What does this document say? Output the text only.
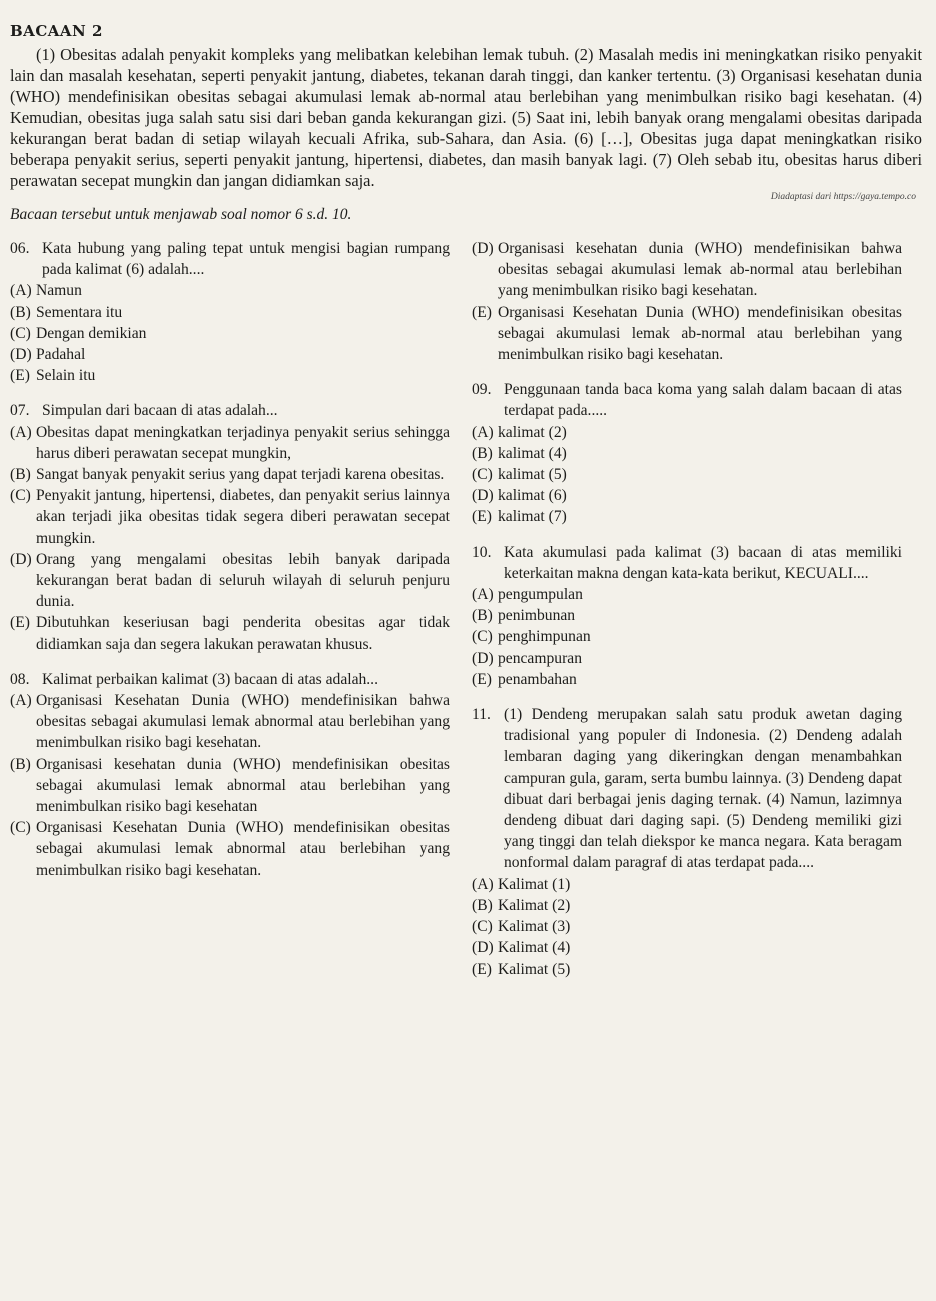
BACAAN 2

(1) Obesitas adalah penyakit kompleks yang melibatkan kelebihan lemak tubuh. (2) Masalah medis ini meningkatkan risiko penyakit lain dan masalah kesehatan, seperti penyakit jantung, diabetes, tekanan darah tinggi, dan kanker tertentu. (3) Organisasi kesehatan dunia (WHO) mendefinisikan obesitas sebagai akumulasi lemak ab-normal atau berlebihan yang menimbulkan risiko bagi kesehatan. (4) Kemudian, obesitas juga salah satu sisi dari beban ganda kekurangan gizi. (5) Saat ini, lebih banyak orang mengalami obesitas daripada kekurangan berat badan di setiap wilayah kecuali Afrika, sub-Sahara, dan Asia. (6) […], Obesitas juga dapat meningkatkan risiko beberapa penyakit serius, seperti penyakit jantung, hipertensi, diabetes, dan masih banyak lagi. (7) Oleh sebab itu, obesitas harus diberi perawatan secepat mungkin dan jangan didiamkan saja.

Diadaptasi dari https://gaya.tempo.co
Bacaan tersebut untuk menjawab soal nomor 6 s.d. 10.
06. Kata hubung yang paling tepat untuk mengisi bagian rumpang pada kalimat (6) adalah....
(A) Namun
(B) Sementara itu
(C) Dengan demikian
(D) Padahal
(E) Selain itu
07. Simpulan dari bacaan di atas adalah...
(A) Obesitas dapat meningkatkan terjadinya penyakit serius sehingga harus diberi perawatan secepat mungkin,
(B) Sangat banyak penyakit serius yang dapat terjadi karena obesitas.
(C) Penyakit jantung, hipertensi, diabetes, dan penyakit serius lainnya akan terjadi jika obesitas tidak segera diberi perawatan secepat mungkin.
(D) Orang yang mengalami obesitas lebih banyak daripada kekurangan berat badan di seluruh wilayah di seluruh penjuru dunia.
(E) Dibutuhkan keseriusan bagi penderita obesitas agar tidak didiamkan saja dan segera lakukan perawatan khusus.
08. Kalimat perbaikan kalimat (3) bacaan di atas adalah...
(A) Organisasi Kesehatan Dunia (WHO) mendefinisikan bahwa obesitas sebagai akumulasi lemak abnormal atau berlebihan yang menimbulkan risiko bagi kesehatan.
(B) Organisasi kesehatan dunia (WHO) mendefinisikan obesitas sebagai akumulasi lemak abnormal atau berlebihan yang menimbulkan risiko bagi kesehatan
(C) Organisasi Kesehatan Dunia (WHO) mendefinisikan obesitas sebagai akumulasi lemak abnormal atau berlebihan yang menimbulkan risiko bagi kesehatan.
(D) Organisasi kesehatan dunia (WHO) mendefinisikan bahwa obesitas sebagai akumulasi lemak ab-normal atau berlebihan yang menimbulkan risiko bagi kesehatan.
(E) Organisasi Kesehatan Dunia (WHO) mendefinisikan obesitas sebagai akumulasi lemak ab-normal atau berlebihan yang menimbulkan risiko bagi kesehatan.
09. Penggunaan tanda baca koma yang salah dalam bacaan di atas terdapat pada.....
(A) kalimat (2)
(B) kalimat (4)
(C) kalimat (5)
(D) kalimat (6)
(E) kalimat (7)
10. Kata akumulasi pada kalimat (3) bacaan di atas memiliki keterkaitan makna dengan kata-kata berikut, KECUALI....
(A) pengumpulan
(B) penimbunan
(C) penghimpunan
(D) pencampuran
(E) penambahan
11. (1) Dendeng merupakan salah satu produk awetan daging tradisional yang populer di Indonesia. (2) Dendeng adalah lembaran daging yang dikeringkan dengan menambahkan campuran gula, garam, serta bumbu lainnya. (3) Dendeng dapat dibuat dari berbagai jenis daging ternak. (4) Namun, lazimnya dendeng dibuat dari daging sapi. (5) Dendeng memiliki gizi yang tinggi dan telah diekspor ke manca negara. Kata beragam nonformal dalam paragraf di atas terdapat pada....
(A) Kalimat (1)
(B) Kalimat (2)
(C) Kalimat (3)
(D) Kalimat (4)
(E) Kalimat (5)
